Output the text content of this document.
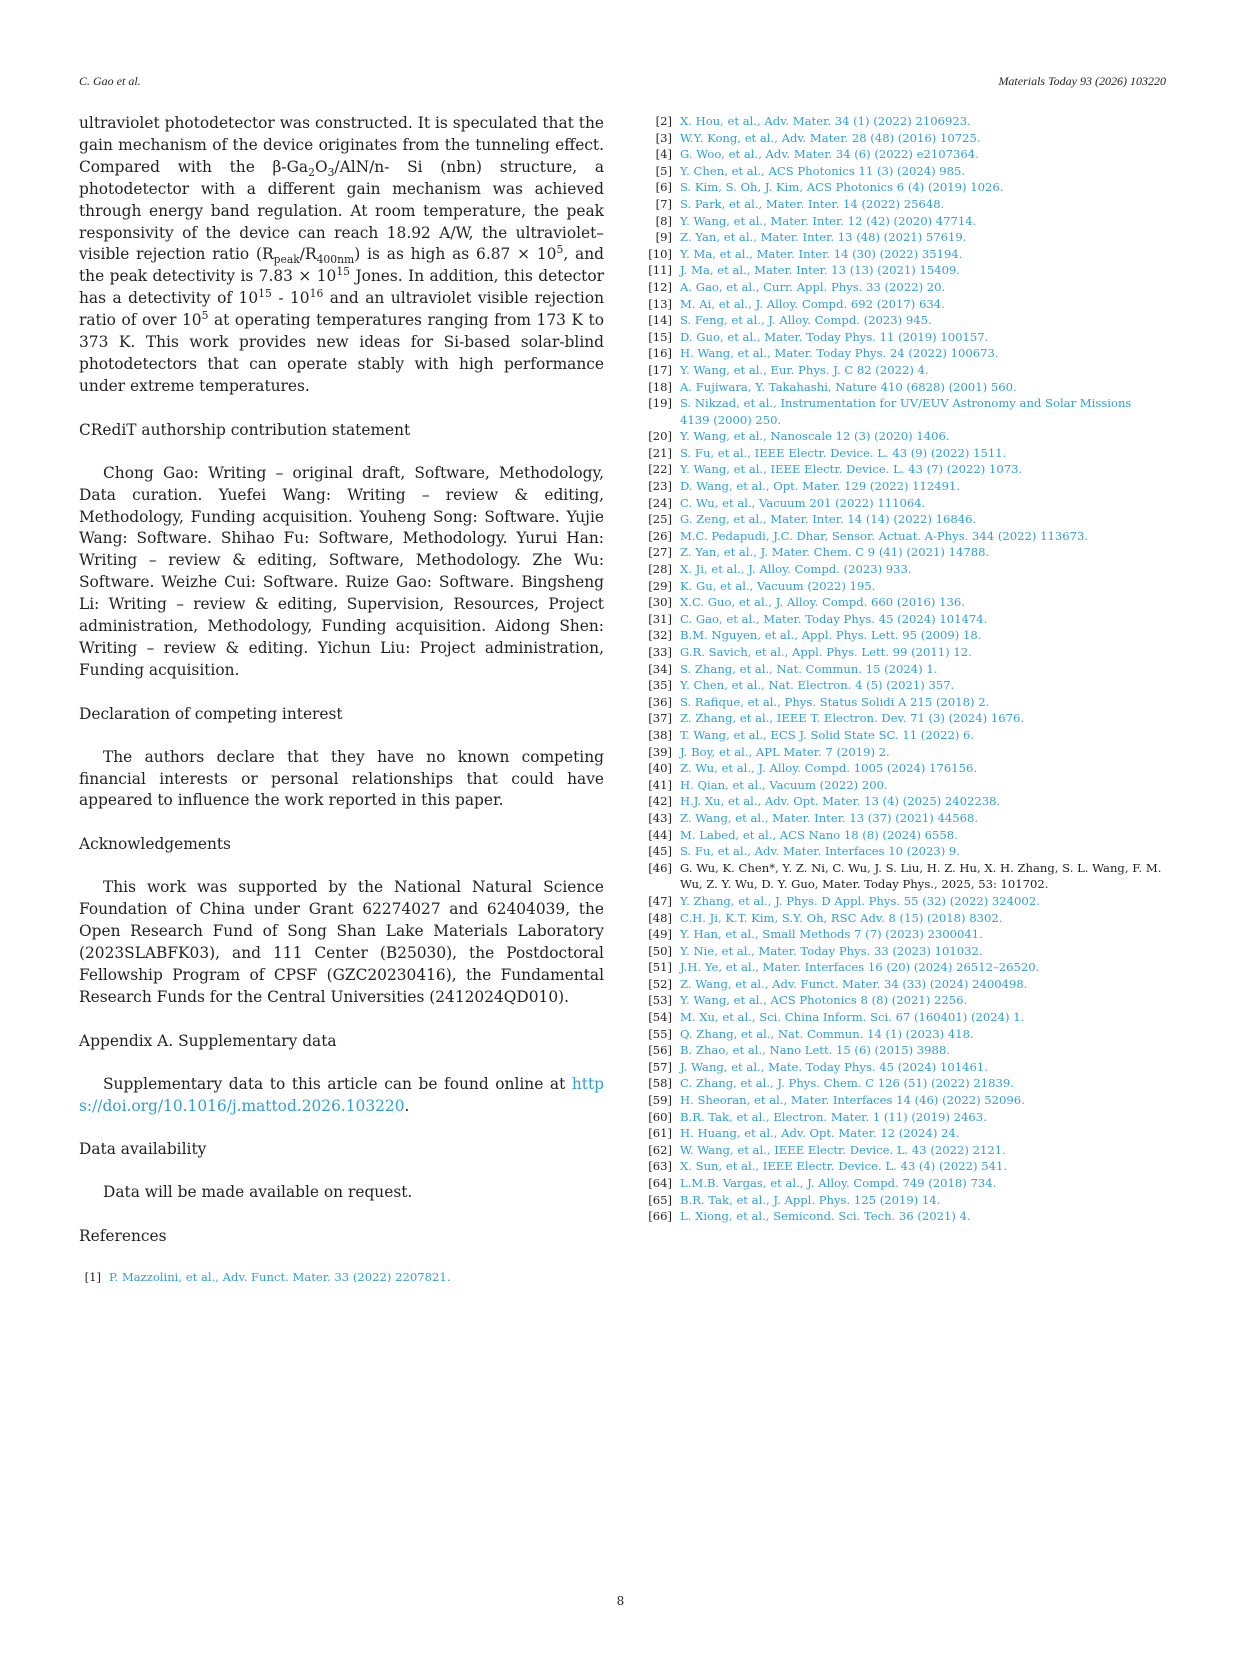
C. Gao et al.	Materials Today 93 (2026) 103220

ultraviolet photodetector was constructed. It is speculated that the gain mechanism of the device originates from the tunneling effect. Compared with the $\beta-Ga_2O_3/AlN/n-$ Si (nbn) structure, a photodetector with a different gain mechanism was achieved through energy band regulation. At room temperature, the peak responsivity of the device can reach 18.92 A/W, the ultraviolet–visible rejection ratio $(R_{peak}/R_{400nm})$ is as high as $6.87 \times 10^5$, and the peak detectivity is $7.83 \times 10^{15}$ Jones. In addition, this detector has a detectivity of $10^{15} - 10^{16}$ and an ultraviolet visible rejection ratio of over $10^5$ at operating temperatures ranging from 173 K to 373 K. This work provides new ideas for Si-based solar-blind photodetectors that can operate stably with high performance under extreme temperatures.

CRediT authorship contribution statement

Chong Gao: Writing – original draft, Software, Methodology, Data curation. Yuefei Wang: Writing – review & editing, Methodology, Funding acquisition. Youheng Song: Software. Yujie Wang: Software. Shihao Fu: Software, Methodology. Yurui Han: Writing – review & editing, Software, Methodology. Zhe Wu: Software. Weizhe Cui: Software. Ruize Gao: Software. Bingsheng Li: Writing – review & editing, Supervision, Resources, Project administration, Methodology, Funding acquisition. Aidong Shen: Writing – review & editing. Yichun Liu: Project administration, Funding acquisition.

Declaration of competing interest

The authors declare that they have no known competing financial interests or personal relationships that could have appeared to influence the work reported in this paper.

Acknowledgements

This work was supported by the National Natural Science Foundation of China under Grant 62274027 and 62404039, the Open Research Fund of Song Shan Lake Materials Laboratory (2023SLABFK03), and 111 Center (B25030), the Postdoctoral Fellowship Program of CPSF (GZC20230416), the Fundamental Research Funds for the Central Universities (2412024QD010).

Appendix A. Supplementary data

Supplementary data to this article can be found online at https://doi.org/10.1016/j.mattod.2026.103220.

Data availability

Data will be made available on request.

References
[1] P. Mazzolini, et al., Adv. Funct. Mater. 33 (2022) 2207821.
[2] X. Hou, et al., Adv. Mater. 34 (1) (2022) 2106923.
[3] W.Y. Kong, et al., Adv. Mater. 28 (48) (2016) 10725.
[4] G. Woo, et al., Adv. Mater. 34 (6) (2022) e2107364.
[5] Y. Chen, et al., ACS Photonics 11 (3) (2024) 985.
[6] S. Kim, S. Oh, J. Kim, ACS Photonics 6 (4) (2019) 1026.
[7] S. Park, et al., Mater. Inter. 14 (2022) 25648.
[8] Y. Wang, et al., Mater. Inter. 12 (42) (2020) 47714.
[9] Z. Yan, et al., Mater. Inter. 13 (48) (2021) 57619.
[10] Y. Ma, et al., Mater. Inter. 14 (30) (2022) 35194.
[11] J. Ma, et al., Mater. Inter. 13 (13) (2021) 15409.
[12] A. Gao, et al., Curr. Appl. Phys. 33 (2022) 20.
[13] M. Ai, et al., J. Alloy. Compd. 692 (2017) 634.
[14] S. Feng, et al., J. Alloy. Compd. (2023) 945.
[15] D. Guo, et al., Mater. Today Phys. 11 (2019) 100157.
[16] H. Wang, et al., Mater. Today Phys. 24 (2022) 100673.
[17] Y. Wang, et al., Eur. Phys. J. C 82 (2022) 4.
[18] A. Fujiwara, Y. Takahashi, Nature 410 (6828) (2001) 560.
[19] S. Nikzad, et al., Instrumentation for UV/EUV Astronomy and Solar Missions 4139 (2000) 250.
[20] Y. Wang, et al., Nanoscale 12 (3) (2020) 1406.
[21] S. Fu, et al., IEEE Electr. Device. L. 43 (9) (2022) 1511.
[22] Y. Wang, et al., IEEE Electr. Device. L. 43 (7) (2022) 1073.
[23] D. Wang, et al., Opt. Mater. 129 (2022) 112491.
[24] C. Wu, et al., Vacuum 201 (2022) 111064.
[25] G. Zeng, et al., Mater. Inter. 14 (14) (2022) 16846.
[26] M.C. Pedapudi, J.C. Dhar, Sensor. Actuat. A-Phys. 344 (2022) 113673.
[27] Z. Yan, et al., J. Mater. Chem. C 9 (41) (2021) 14788.
[28] X. Ji, et al., J. Alloy. Compd. (2023) 933.
[29] K. Gu, et al., Vacuum (2022) 195.
[30] X.C. Guo, et al., J. Alloy. Compd. 660 (2016) 136.
[31] C. Gao, et al., Mater. Today Phys. 45 (2024) 101474.
[32] B.M. Nguyen, et al., Appl. Phys. Lett. 95 (2009) 18.
[33] G.R. Savich, et al., Appl. Phys. Lett. 99 (2011) 12.
[34] S. Zhang, et al., Nat. Commun. 15 (2024) 1.
[35] Y. Chen, et al., Nat. Electron. 4 (5) (2021) 357.
[36] S. Rafique, et al., Phys. Status Solidi A 215 (2018) 2.
[37] Z. Zhang, et al., IEEE T. Electron. Dev. 71 (3) (2024) 1676.
[38] T. Wang, et al., ECS J. Solid State SC. 11 (2022) 6.
[39] J. Boy, et al., APL Mater. 7 (2019) 2.
[40] Z. Wu, et al., J. Alloy. Compd. 1005 (2024) 176156.
[41] H. Qian, et al., Vacuum (2022) 200.
[42] H.J. Xu, et al., Adv. Opt. Mater. 13 (4) (2025) 2402238.
[43] Z. Wang, et al., Mater. Inter. 13 (37) (2021) 44568.
[44] M. Labed, et al., ACS Nano 18 (8) (2024) 6558.
[45] S. Fu, et al., Adv. Mater. Interfaces 10 (2023) 9.
[46] G. Wu, K. Chen*, Y. Z. Ni, C. Wu, J. S. Liu, H. Z. Hu, X. H. Zhang, S. L. Wang, F. M. Wu, Z. Y. Wu, D. Y. Guo, Mater. Today Phys., 2025, 53: 101702.
[47] Y. Zhang, et al., J. Phys. D Appl. Phys. 55 (32) (2022) 324002.
[48] C.H. Ji, K.T. Kim, S.Y. Oh, RSC Adv. 8 (15) (2018) 8302.
[49] Y. Han, et al., Small Methods 7 (7) (2023) 2300041.
[50] Y. Nie, et al., Mater. Today Phys. 33 (2023) 101032.
[51] J.H. Ye, et al., Mater. Interfaces 16 (20) (2024) 26512–26520.
[52] Z. Wang, et al., Adv. Funct. Mater. 34 (33) (2024) 2400498.
[53] Y. Wang, et al., ACS Photonics 8 (8) (2021) 2256.
[54] M. Xu, et al., Sci. China Inform. Sci. 67 (160401) (2024) 1.
[55] Q. Zhang, et al., Nat. Commun. 14 (1) (2023) 418.
[56] B. Zhao, et al., Nano Lett. 15 (6) (2015) 3988.
[57] J. Wang, et al., Mate. Today Phys. 45 (2024) 101461.
[58] C. Zhang, et al., J. Phys. Chem. C 126 (51) (2022) 21839.
[59] H. Sheoran, et al., Mater. Interfaces 14 (46) (2022) 52096.
[60] B.R. Tak, et al., Electron. Mater. 1 (11) (2019) 2463.
[61] H. Huang, et al., Adv. Opt. Mater. 12 (2024) 24.
[62] W. Wang, et al., IEEE Electr. Device. L. 43 (2022) 2121.
[63] X. Sun, et al., IEEE Electr. Device. L. 43 (4) (2022) 541.
[64] L.M.B. Vargas, et al., J. Alloy. Compd. 749 (2018) 734.
[65] B.R. Tak, et al., J. Appl. Phys. 125 (2019) 14.
[66] L. Xiong, et al., Semicond. Sci. Tech. 36 (2021) 4.
8
